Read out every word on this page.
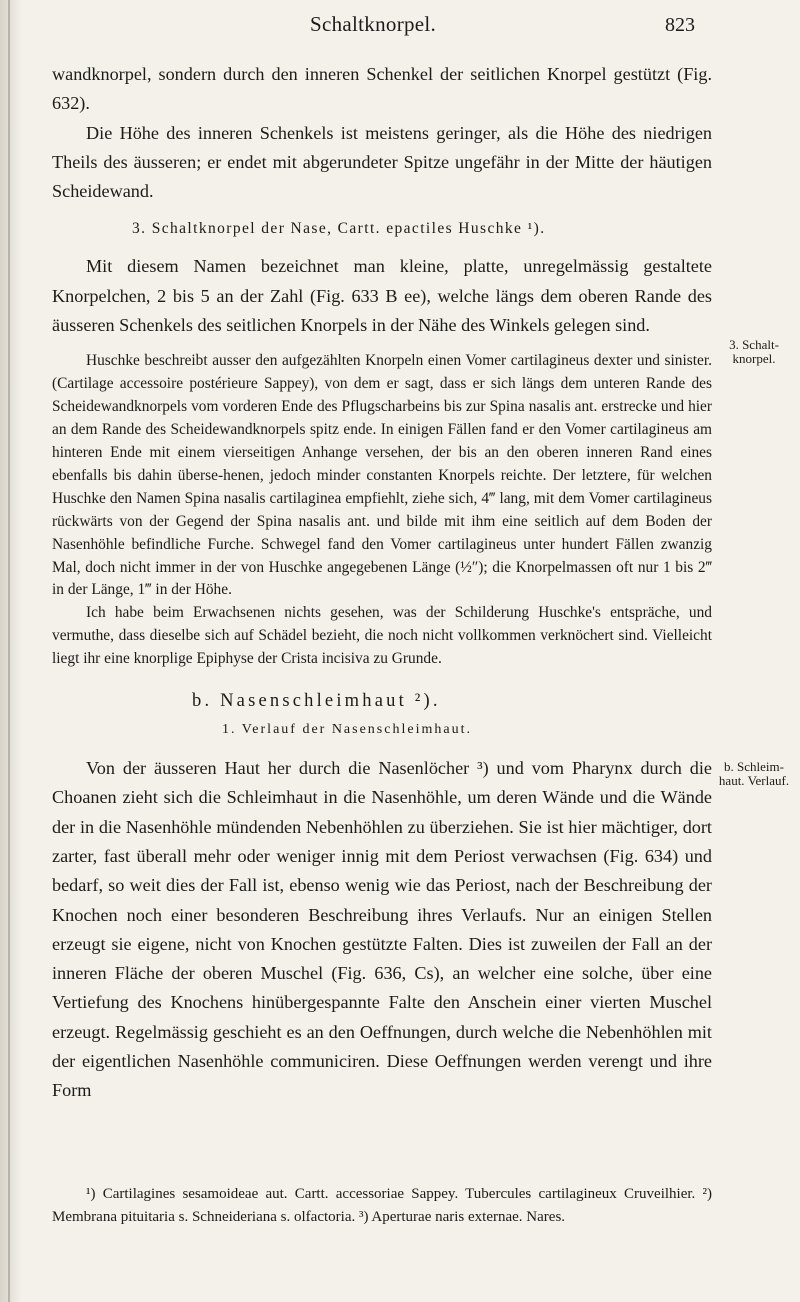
Schaltknorpel.	823

wandknorpel, sondern durch den inneren Schenkel der seitlichen Knorpel gestützt (Fig. 632).

Die Höhe des inneren Schenkels ist meistens geringer, als die Höhe des niedrigen Theils des äusseren; er endet mit abgerundeter Spitze ungefähr in der Mitte der häutigen Scheidewand.

3. Schaltknorpel der Nase, Cartt. epactiles Huschke ¹).

Mit diesem Namen bezeichnet man kleine, platte, unregelmässig gestaltete Knorpelchen, 2 bis 5 an der Zahl (Fig. 633 B ee), welche längs dem oberen Rande des äusseren Schenkels des seitlichen Knorpels in der Nähe des Winkels gelegen sind.

Huschke beschreibt ausser den aufgezählten Knorpeln einen Vomer cartilagineus dexter und sinister. (Cartilage accessoire postérieure Sappey), von dem er sagt, dass er sich längs dem unteren Rande des Scheidewandknorpels vom vorderen Ende des Pflugscharbeins bis zur Spina nasalis ant. erstrecke und hier an dem Rande des Scheidewandknorpels spitz ende. In einigen Fällen fand er den Vomer cartilagineus am hinteren Ende mit einem vierseitigen Anhange versehen, der bis an den oberen inneren Rand eines ebenfalls bis dahin überse-henen, jedoch minder constanten Knorpels reichte. Der letztere, für welchen Huschke den Namen Spina nasalis cartilaginea empfiehlt, ziehe sich, 4‴ lang, mit dem Vomer cartilagineus rückwärts von der Gegend der Spina nasalis ant. und bilde mit ihm eine seitlich auf dem Boden der Nasenhöhle befindliche Furche. Schwegel fand den Vomer cartilagineus unter hundert Fällen zwanzig Mal, doch nicht immer in der von Huschke angegebenen Länge (½″); die Knorpelmassen oft nur 1 bis 2‴ in der Länge, 1‴ in der Höhe.

Ich habe beim Erwachsenen nichts gesehen, was der Schilderung Huschke's entspräche, und vermuthe, dass dieselbe sich auf Schädel bezieht, die noch nicht vollkommen verknöchert sind. Vielleicht liegt ihr eine knorplige Epiphyse der Crista incisiva zu Grunde.

b. Nasenschleimhaut ²).

1. Verlauf der Nasenschleimhaut.

Von der äusseren Haut her durch die Nasenlöcher ³) und vom Pharynx durch die Choanen zieht sich die Schleimhaut in die Nasenhöhle, um deren Wände und die Wände der in die Nasenhöhle mündenden Nebenhöhlen zu überziehen. Sie ist hier mächtiger, dort zarter, fast überall mehr oder weniger innig mit dem Periost verwachsen (Fig. 634) und bedarf, so weit dies der Fall ist, ebenso wenig wie das Periost, nach der Beschreibung der Knochen noch einer besonderen Beschreibung ihres Verlaufs. Nur an einigen Stellen erzeugt sie eigene, nicht von Knochen gestützte Falten. Dies ist zuweilen der Fall an der inneren Fläche der oberen Muschel (Fig. 636, Cs), an welcher eine solche, über eine Vertiefung des Knochens hinübergespannte Falte den Anschein einer vierten Muschel erzeugt. Regelmässig geschieht es an den Oeffnungen, durch welche die Nebenhöhlen mit der eigentlichen Nasenhöhle communiciren. Diese Oeffnungen werden verengt und ihre Form

3. Schalt-knorpel.
b. Schleim-haut. Verlauf.

¹) Cartilagines sesamoideae aut. Cartt. accessoriae Sappey. Tubercules cartilagineux Cruveilhier. ²) Membrana pituitaria s. Schneideriana s. olfactoria. ³) Aperturae naris externae. Nares.
